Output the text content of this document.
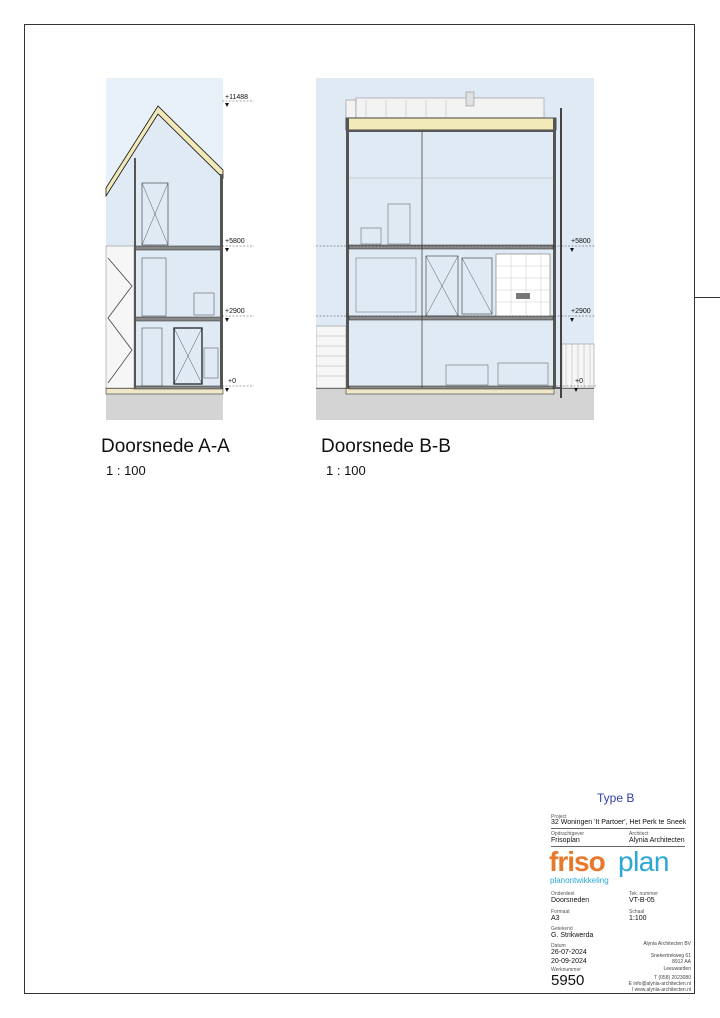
+11488
+5800
+2900
+0
Doorsnede A-A
1 : 100
+5800
+2900
+0
Doorsnede B-B
1 : 100
Type B
Project
32 Woningen 'It Partoer', Het Perk te Sneek
Opdrachtgever
Frisoplan
Architect
Alynia Architecten
friso plan
planontwikkeling
Onderdeel
Doorsneden
Tek. nummer
VT-B-05
Formaat
A3
Schaal
1:100
Getekend
G. Strikwerda
Datum
26-07-2024
20-09-2024
Werknummer
5950
Alynia Architecten BV
Snekertrekweg 61
8912 AA
Leeuwarden
T (058) 2023080
E info@alynia-architecten.nl
I www.alynia-architecten.nl
